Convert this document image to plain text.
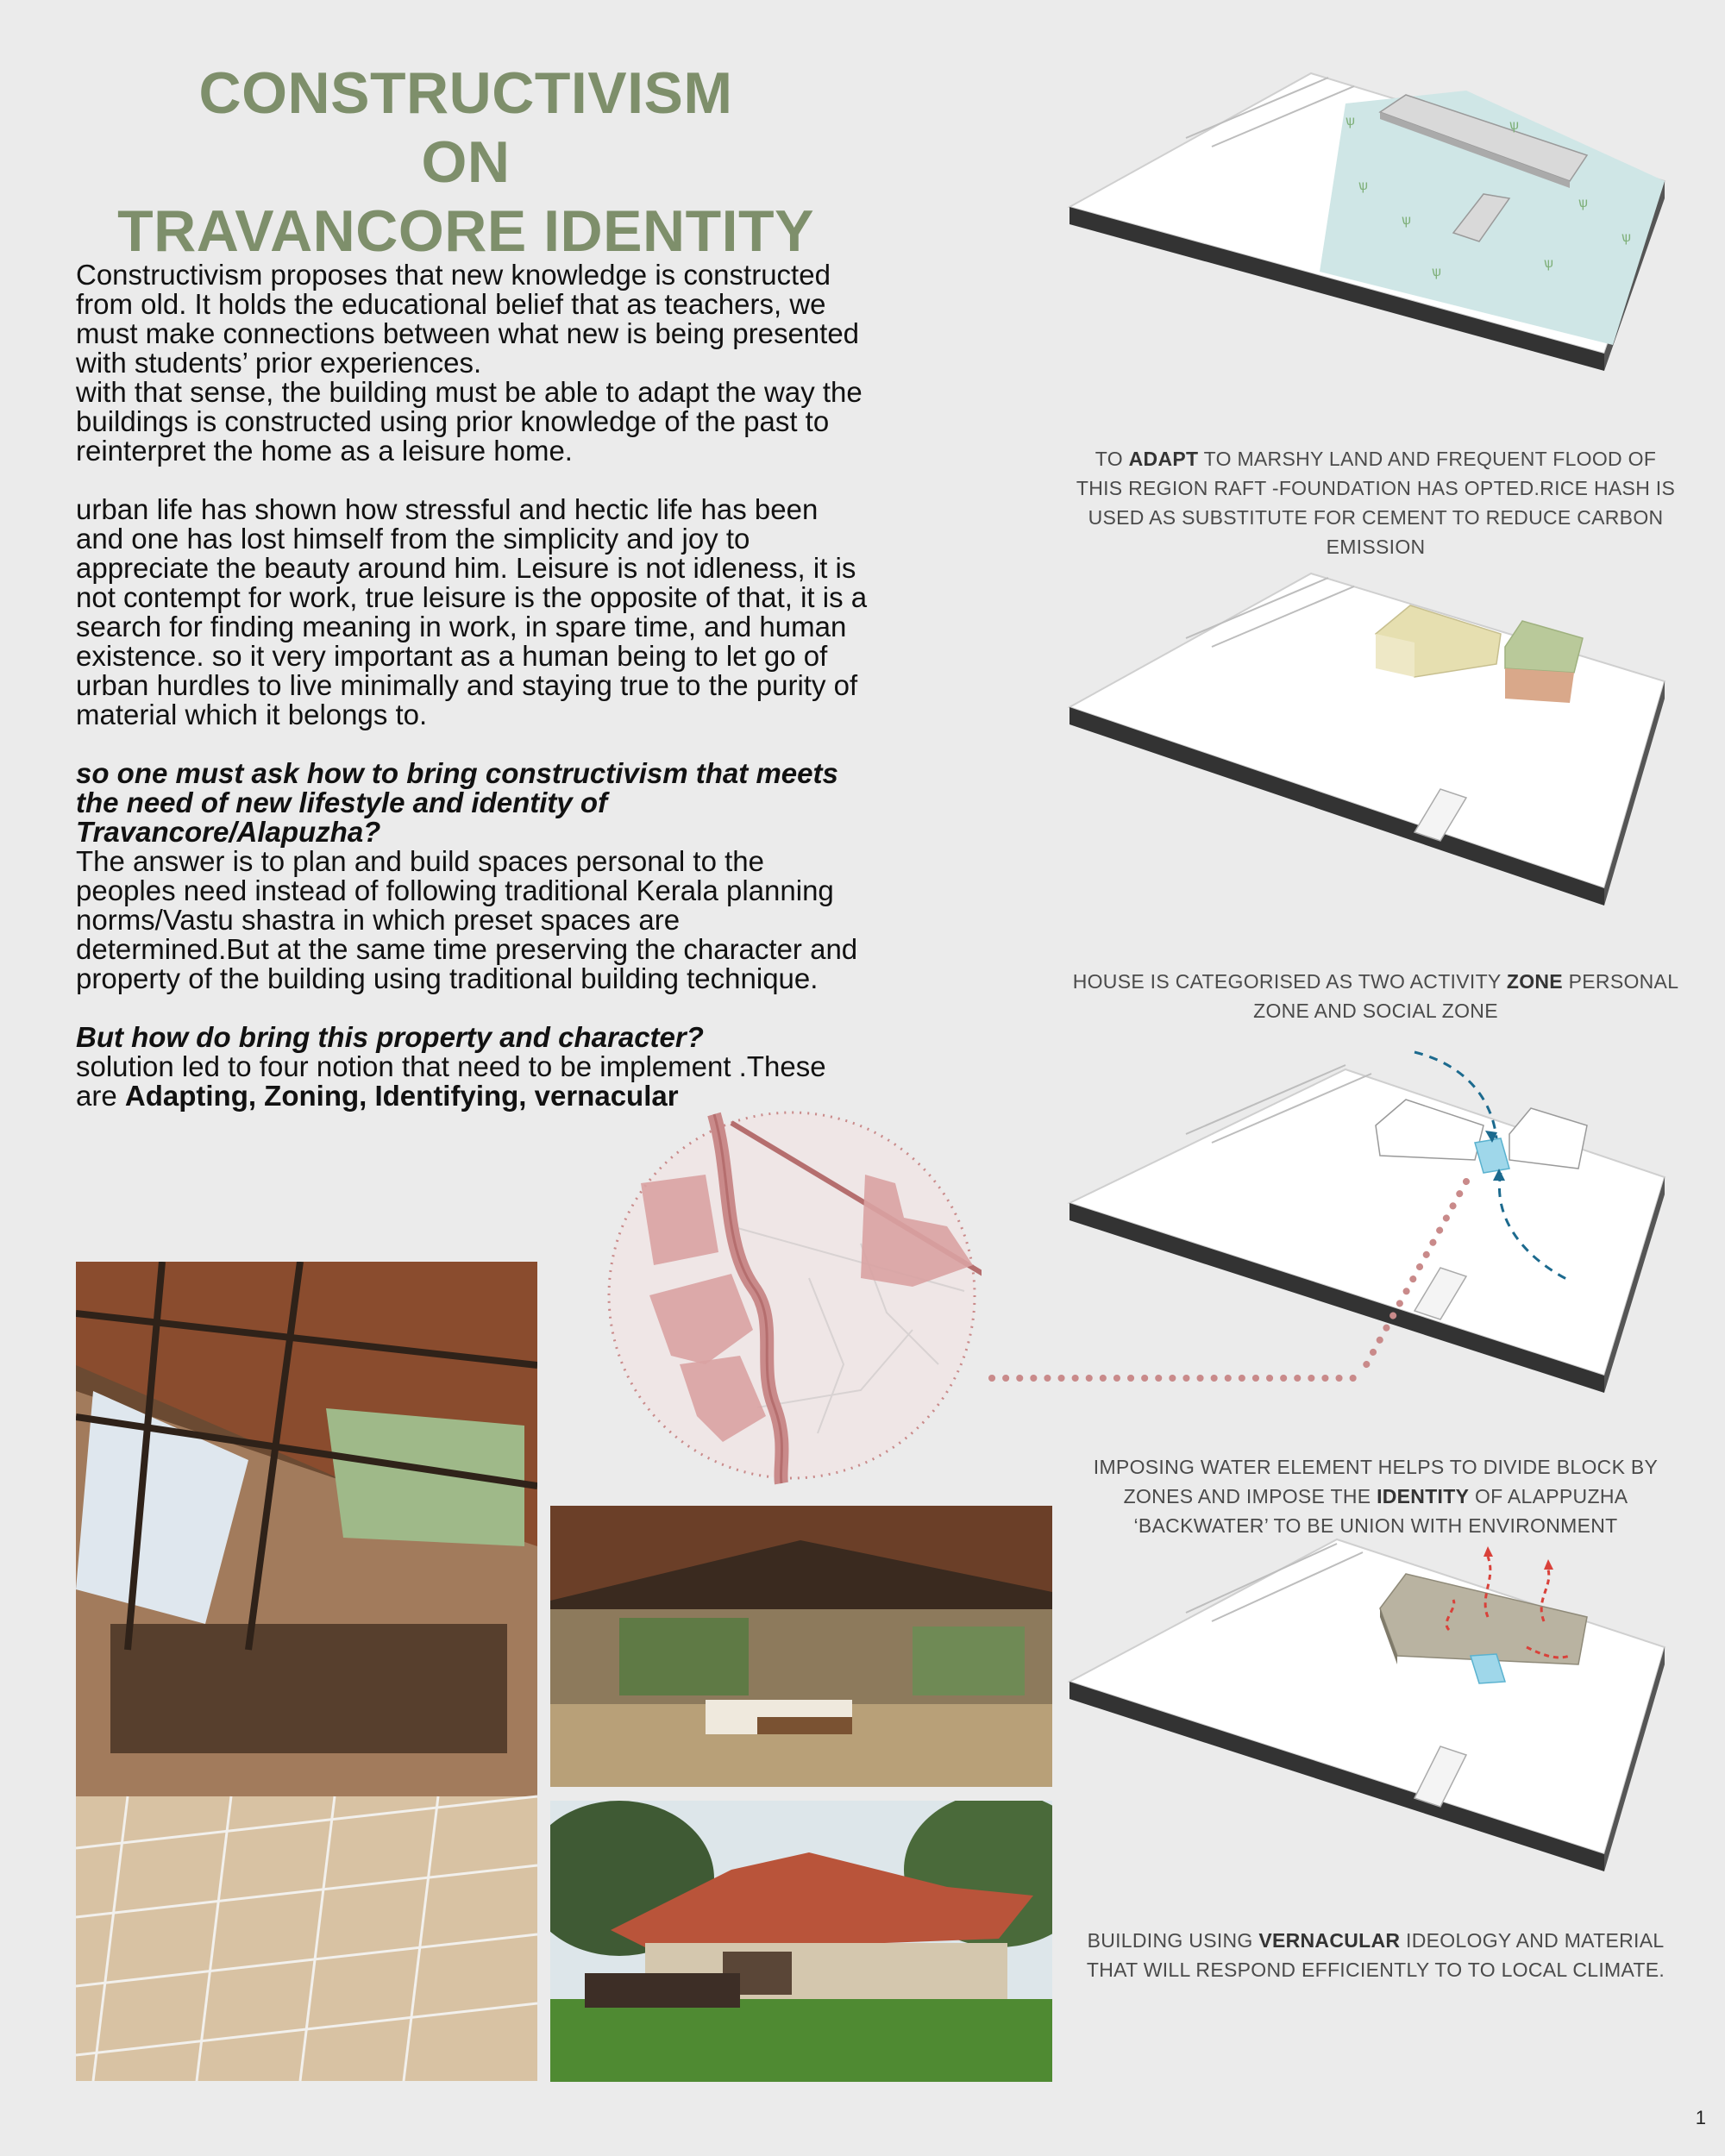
CONSTRUCTIVISM
ON
TRAVANCORE IDENTITY

Constructivism proposes that new knowledge is constructed from old. It holds the educational belief that as teachers, we must make connections between what new is being presented with students’ prior experiences.

with that sense, the building must be able to adapt the way the buildings is constructed using prior knowledge of the past to reinterpret the home as a leisure home.

urban life has shown how stressful and hectic life has been and one has lost himself from the simplicity and joy to appreciate the beauty around him. Leisure is not idleness, it is not contempt for work, true leisure is the opposite of that, it is a search for finding meaning in work, in spare time, and human existence. so it very important as a human being to let go of urban hurdles to live minimally and staying true to the purity of material which it belongs to.

so one must ask how to bring constructivism that meets the need of new lifestyle and identity of Travancore/Alapuzha?

The answer is to plan and build spaces personal to the peoples need instead of following traditional Kerala planning norms/Vastu shastra in which preset spaces are determined.But at the same time preserving the character and property of the building using traditional building technique.

But how do bring this property and character?

solution led to four notion that need to be implement .These are Adapting, Zoning, Identifying, vernacular

ѱ
ѱ
ѱ
ѱ
ѱ
ѱ
ѱ	ѱ

TO ADAPT TO MARSHY LAND AND FREQUENT FLOOD OF THIS REGION RAFT -FOUNDATION HAS OPTED.RICE HASH IS USED AS SUBSTITUTE FOR CEMENT TO REDUCE CARBON EMISSION

HOUSE IS CATEGORISED AS TWO ACTIVITY ZONE PERSONAL ZONE AND SOCIAL ZONE

IMPOSING WATER ELEMENT HELPS TO DIVIDE BLOCK BY ZONES AND IMPOSE THE IDENTITY OF ALAPPUZHA ‘BACKWATER’ TO BE UNION WITH ENVIRONMENT

BUILDING USING VERNACULAR IDEOLOGY AND MATERIAL THAT WILL RESPOND EFFICIENTLY TO TO LOCAL CLIMATE.

1
